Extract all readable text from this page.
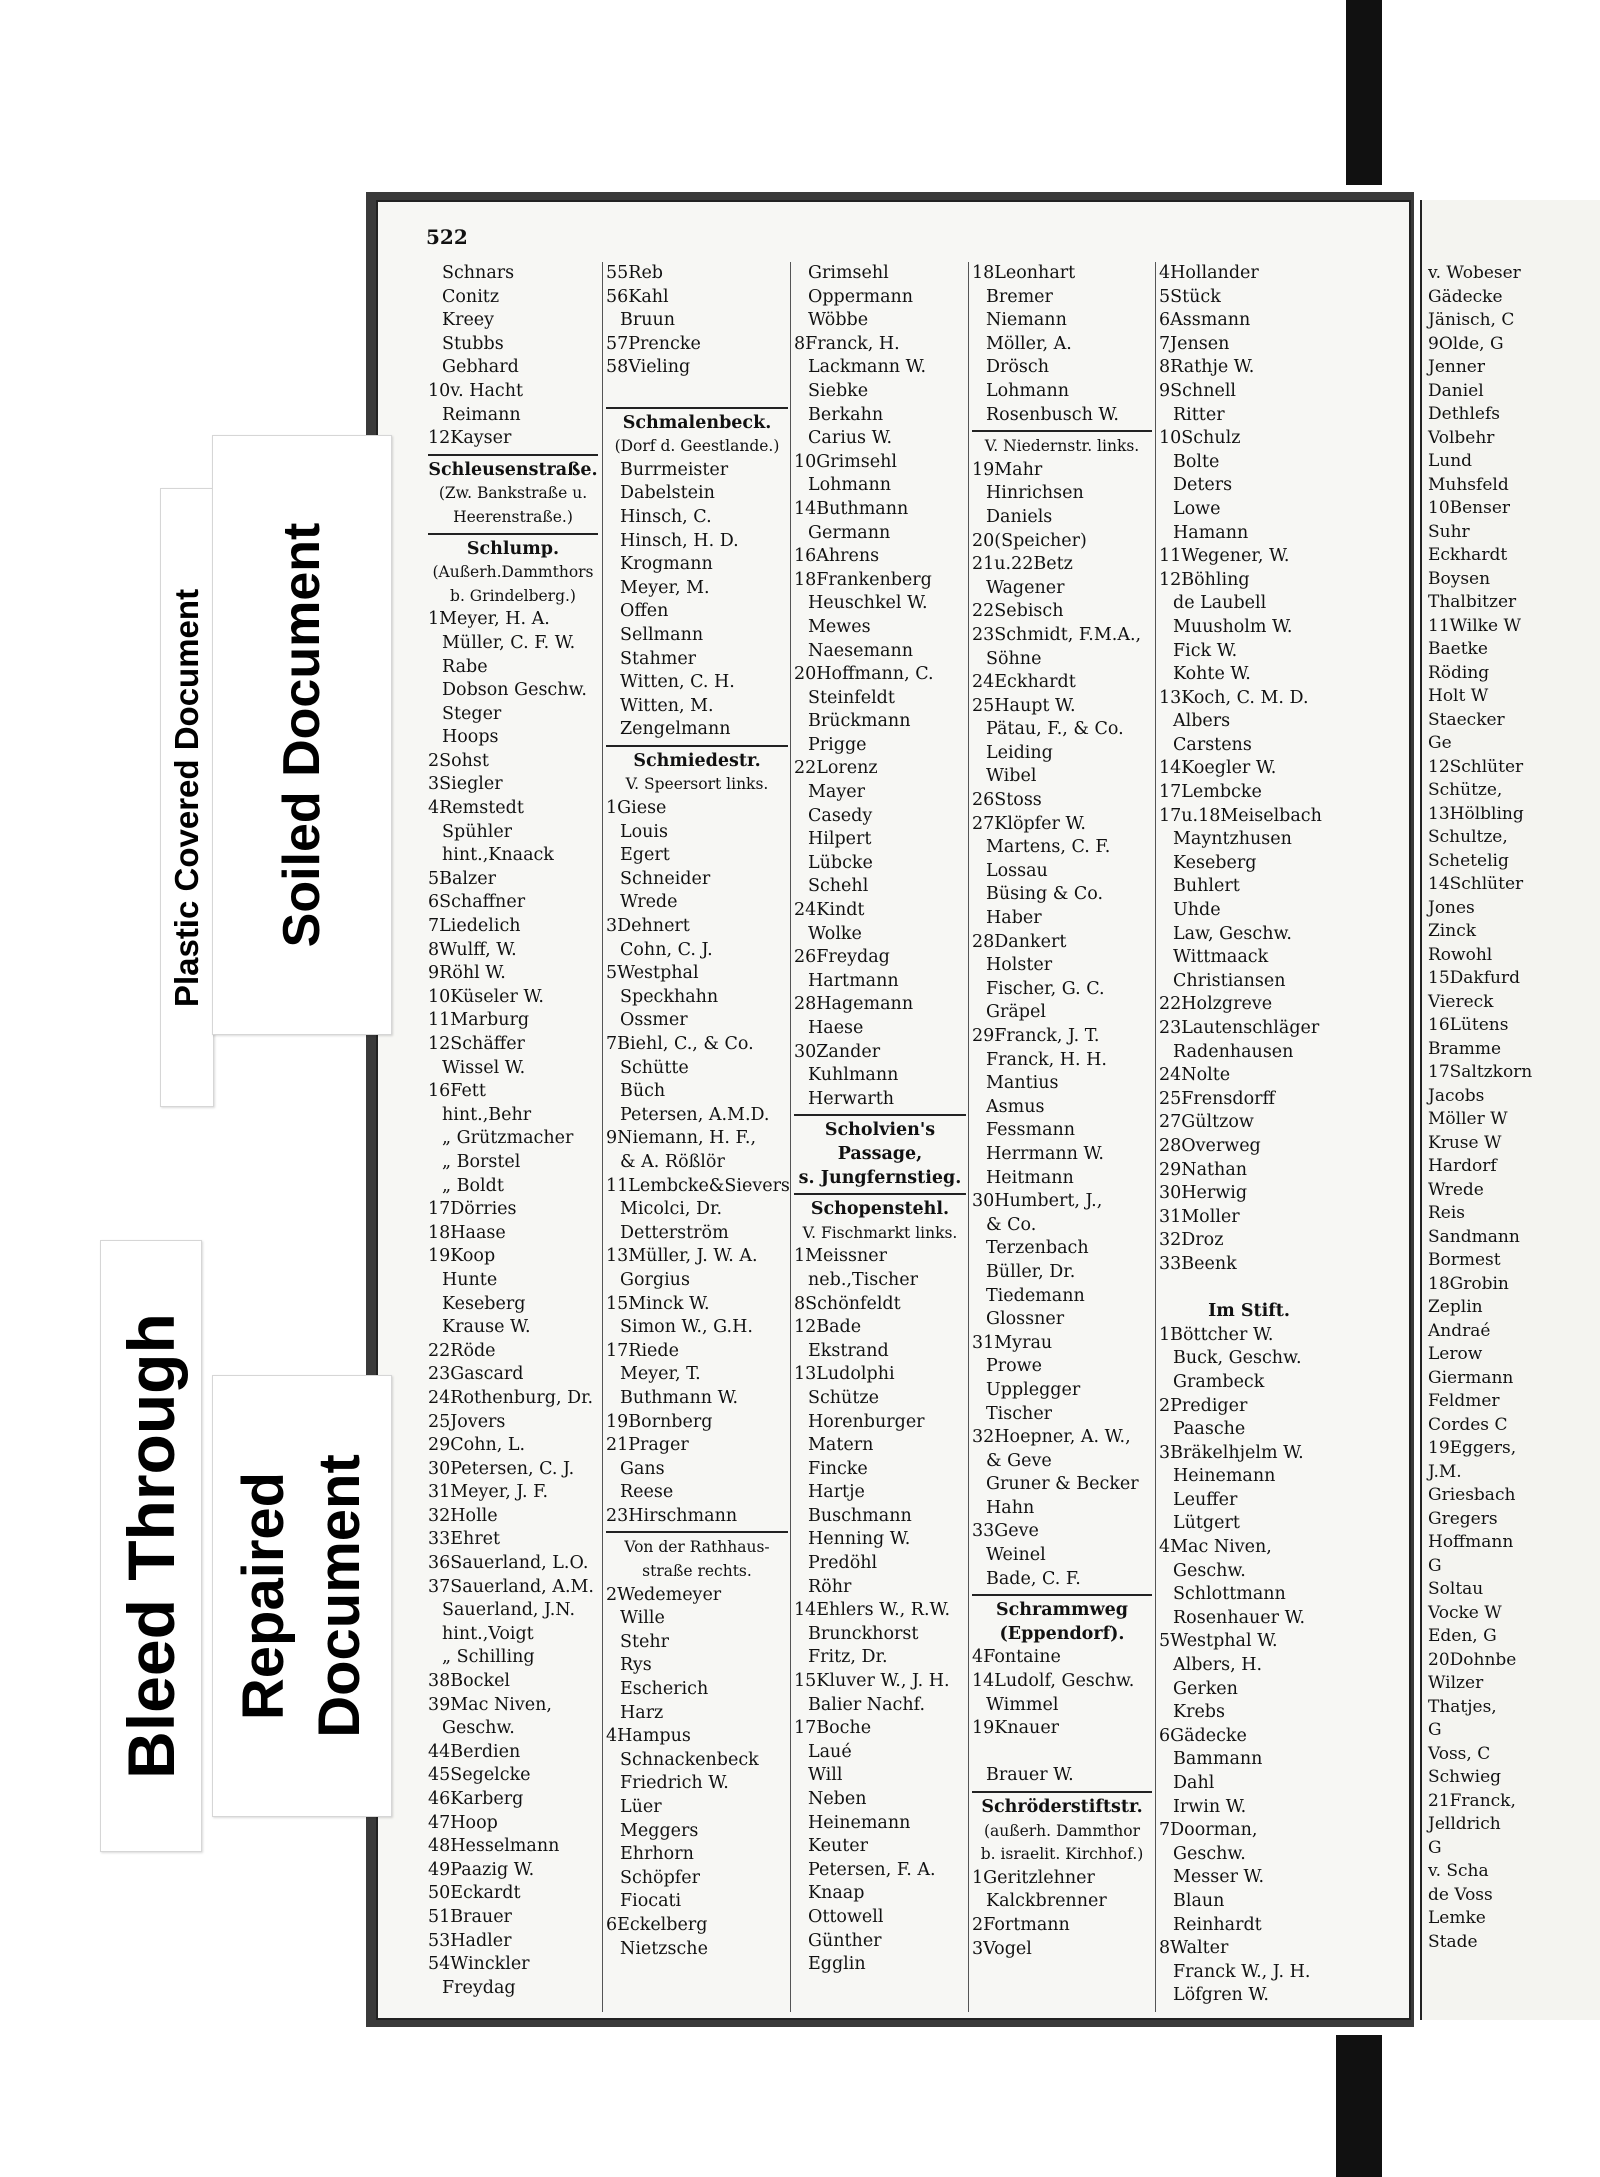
v. Wobeser
Gädecke
Jänisch, C
9Olde, G
Jenner
Daniel
Dethlefs
Volbehr
Lund
Muhsfeld
10Benser
Suhr
Eckhardt
Boysen
Thalbitzer
11Wilke W
Baetke
Röding
Holt W
Staecker
Ge
12Schlüter
Schütze,
13Hölbling
Schultze,
Schetelig
14Schlüter
Jones
Zinck
Rowohl
15Dakfurd
Viereck
16Lütens
Bramme
17Saltzkorn
Jacobs
Möller W
Kruse W
Hardorf
Wrede
Reis
Sandmann
Bormest
18Grobin
Zeplin
Andraé
Lerow
Giermann
Feldmer
Cordes C
19Eggers,
J.M.
Griesbach
Gregers
Hoffmann
G
Soltau
Vocke W
Eden, G
20Dohnbe
Wilzer
Thatjes,
G
Voss, C
Schwieg
21Franck,
Jelldrich
G
v. Scha
de Voss
Lemke
Stade
Plastic Covered Document Soiled Document
Bleed Through Repaired Document
522
Schnars
Conitz
Kreey
Stubbs
Gebhard
10v. Hacht
Reimann
12Kayser
Schleusenstraße.
(Zw. Bankstraße u.
Heerenstraße.)
Schlump.
(Außerh.Dammthors
b. Grindelberg.)
1Meyer, H. A.
Müller, C. F. W.
Rabe
Dobson Geschw.
Steger
Hoops
2Sohst
3Siegler
4Remstedt
Spühler
hint.,Knaack
5Balzer
6Schaffner
7Liedelich
8Wulff, W.
9Röhl W.
10Küseler W.
11Marburg
12Schäffer
Wissel W.
16Fett
hint.,Behr
„ Grützmacher
„ Borstel
„ Boldt
17Dörries
18Haase
19Koop
Hunte
Keseberg
Krause W.
22Röde
23Gascard
24Rothenburg, Dr.
25Jovers
29Cohn, L.
30Petersen, C. J.
31Meyer, J. F.
32Holle
33Ehret
36Sauerland, L.O.
37Sauerland, A.M.
Sauerland, J.N.
hint.,Voigt
„ Schilling
38Bockel
39Mac Niven,
Geschw.
44Berdien
45Segelcke
46Karberg
47Hoop
48Hesselmann
49Paazig W.
50Eckardt
51Brauer
53Hadler
54Winckler
Freydag
55Reb
56Kahl
Bruun
57Prencke
58Vieling
Schmalenbeck.
(Dorf d. Geestlande.)
Burrmeister
Dabelstein
Hinsch, C.
Hinsch, H. D.
Krogmann
Meyer, M.
Offen
Sellmann
Stahmer
Witten, C. H.
Witten, M.
Zengelmann
Schmiedestr.
V. Speersort links.
1Giese
Louis
Egert
Schneider
Wrede
3Dehnert
Cohn, C. J.
5Westphal
Speckhahn
Ossmer
7Biehl, C., & Co.
Schütte
Büch
Petersen, A.M.D.
9Niemann, H. F.,
& A. Rößlör
11Lembcke&Sievers
Micolci, Dr.
Detterström
13Müller, J. W. A.
Gorgius
15Minck W.
Simon W., G.H.
17Riede
Meyer, T.
Buthmann W.
19Bornberg
21Prager
Gans
Reese
23Hirschmann
Von der Rathhaus-
straße rechts.
2Wedemeyer
Wille
Stehr
Rys
Escherich
Harz
4Hampus
Schnackenbeck
Friedrich W.
Lüer
Meggers
Ehrhorn
Schöpfer
Fiocati
6Eckelberg
Nietzsche
Grimsehl
Oppermann
Wöbbe
8Franck, H.
Lackmann W.
Siebke
Berkahn
Carius W.
10Grimsehl
Lohmann
14Buthmann
Germann
16Ahrens
18Frankenberg
Heuschkel W.
Mewes
Naesemann
20Hoffmann, C.
Steinfeldt
Brückmann
Prigge
22Lorenz
Mayer
Casedy
Hilpert
Lübcke
Schehl
24Kindt
Wolke
26Freydag
Hartmann
28Hagemann
Haese
30Zander
Kuhlmann
Herwarth
Scholvien's
Passage,
s. Jungfernstieg.
Schopenstehl.
V. Fischmarkt links.
1Meissner
neb.,Tischer
8Schönfeldt
12Bade
Ekstrand
13Ludolphi
Schütze
Horenburger
Matern
Fincke
Hartje
Buschmann
Henning W.
Predöhl
Röhr
14Ehlers W., R.W.
Brunckhorst
Fritz, Dr.
15Kluver W., J. H.
Balier Nachf.
17Boche
Laué
Will
Neben
Heinemann
Keuter
Petersen, F. A.
Knaap
Ottowell
Günther
Egglin
18Leonhart
Bremer
Niemann
Möller, A.
Drösch
Lohmann
Rosenbusch W.
V. Niedernstr. links.
19Mahr
Hinrichsen
Daniels
20(Speicher)
21u.22Betz
Wagener
22Sebisch
23Schmidt, F.M.A.,
Söhne
24Eckhardt
25Haupt W.
Pätau, F., & Co.
Leiding
Wibel
26Stoss
27Klöpfer W.
Martens, C. F.
Lossau
Büsing & Co.
Haber
28Dankert
Holster
Fischer, G. C.
Gräpel
29Franck, J. T.
Franck, H. H.
Mantius
Asmus
Fessmann
Herrmann W.
Heitmann
30Humbert, J.,
& Co.
Terzenbach
Büller, Dr.
Tiedemann
Glossner
31Myrau
Prowe
Upplegger
Tischer
32Hoepner, A. W.,
& Geve
Gruner & Becker
Hahn
33Geve
Weinel
Bade, C. F.
Schrammweg
(Eppendorf).
4Fontaine
14Ludolf, Geschw.
Wimmel
19Knauer
Brauer W.
Schröderstiftstr.
(außerh. Dammthor
b. israelit. Kirchhof.)
1Geritzlehner
Kalckbrenner
2Fortmann
3Vogel
4Hollander
5Stück
6Assmann
7Jensen
8Rathje W.
9Schnell
Ritter
10Schulz
Bolte
Deters
Lowe
Hamann
11Wegener, W.
12Böhling
de Laubell
Muusholm W.
Fick W.
Kohte W.
13Koch, C. M. D.
Albers
Carstens
14Koegler W.
17Lembcke
17u.18Meiselbach
Mayntzhusen
Keseberg
Buhlert
Uhde
Law, Geschw.
Wittmaack
Christiansen
22Holzgreve
23Lautenschläger
Radenhausen
24Nolte
25Frensdorff
27Gültzow
28Overweg
29Nathan
30Herwig
31Moller
32Droz
33Beenk
Im Stift.
1Böttcher W.
Buck, Geschw.
Grambeck
2Prediger
Paasche
3Bräkelhjelm W.
Heinemann
Leuffer
Lütgert
4Mac Niven,
Geschw.
Schlottmann
Rosenhauer W.
5Westphal W.
Albers, H.
Gerken
Krebs
6Gädecke
Bammann
Dahl
Irwin W.
7Doorman,
Geschw.
Messer W.
Blaun
Reinhardt
8Walter
Franck W., J. H.
Löfgren W.
